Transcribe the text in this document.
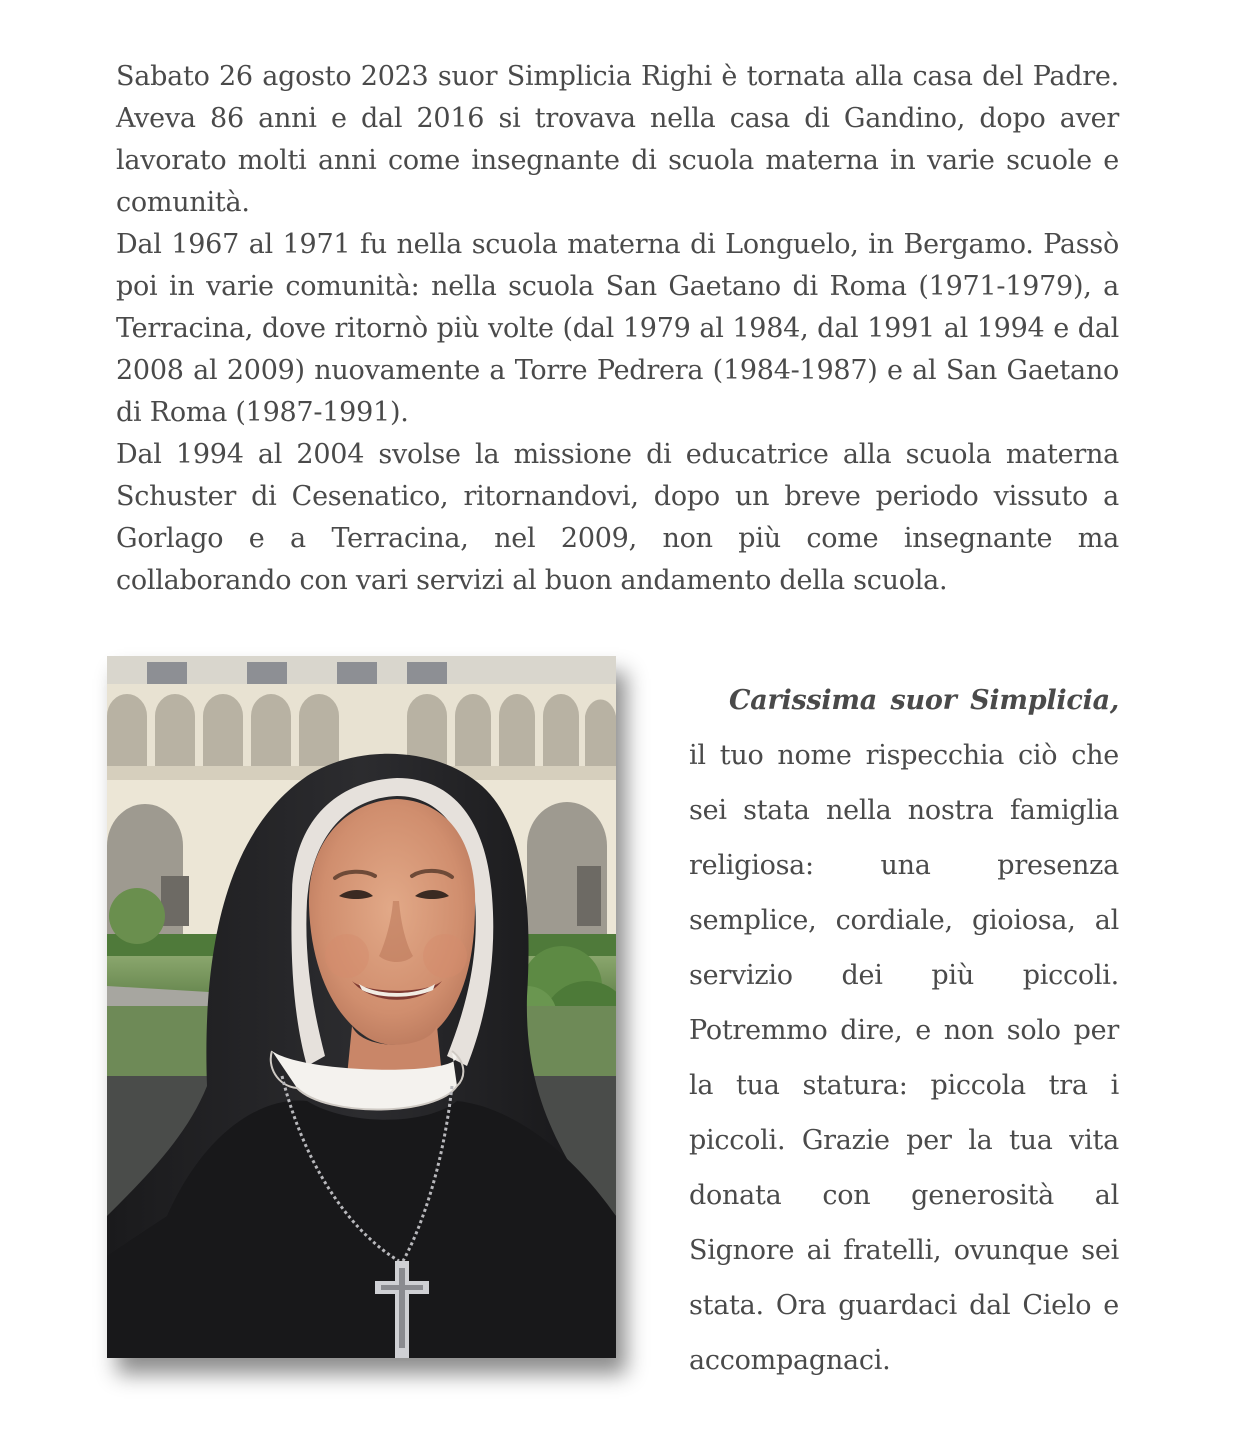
Sabato 26 agosto 2023 suor Simplicia Righi è tornata alla casa del Padre. Aveva 86 anni e dal 2016 si trovava nella casa di Gandino, dopo aver lavorato molti anni come insegnante di scuola materna in varie scuole e comunità.

Dal 1967 al 1971 fu nella scuola materna di Longuelo, in Bergamo. Passò poi in varie comunità: nella scuola San Gaetano di Roma (1971-1979), a Terracina, dove ritornò più volte (dal 1979 al 1984, dal 1991 al 1994 e dal 2008 al 2009) nuovamente a Torre Pedrera (1984-1987) e al San Gaetano di Roma (1987-1991).

Dal 1994 al 2004 svolse la missione di educatrice alla scuola materna Schuster di Cesenatico, ritornandovi, dopo un breve periodo vissuto a Gorlago e a Terracina, nel 2009, non più come insegnante ma collaborando con vari servizi al buon andamento della scuola.

Carissima suor Simplicia,

il tuo nome rispecchia ciò che sei stata nella nostra famiglia religiosa: una presenza semplice, cordiale, gioiosa, al servizio dei più piccoli. Potremmo dire, e non solo per la tua statura: piccola tra i piccoli. Grazie per la tua vita donata con generosità al Signore ai fratelli, ovunque sei stata. Ora guardaci dal Cielo e accompagnaci.
